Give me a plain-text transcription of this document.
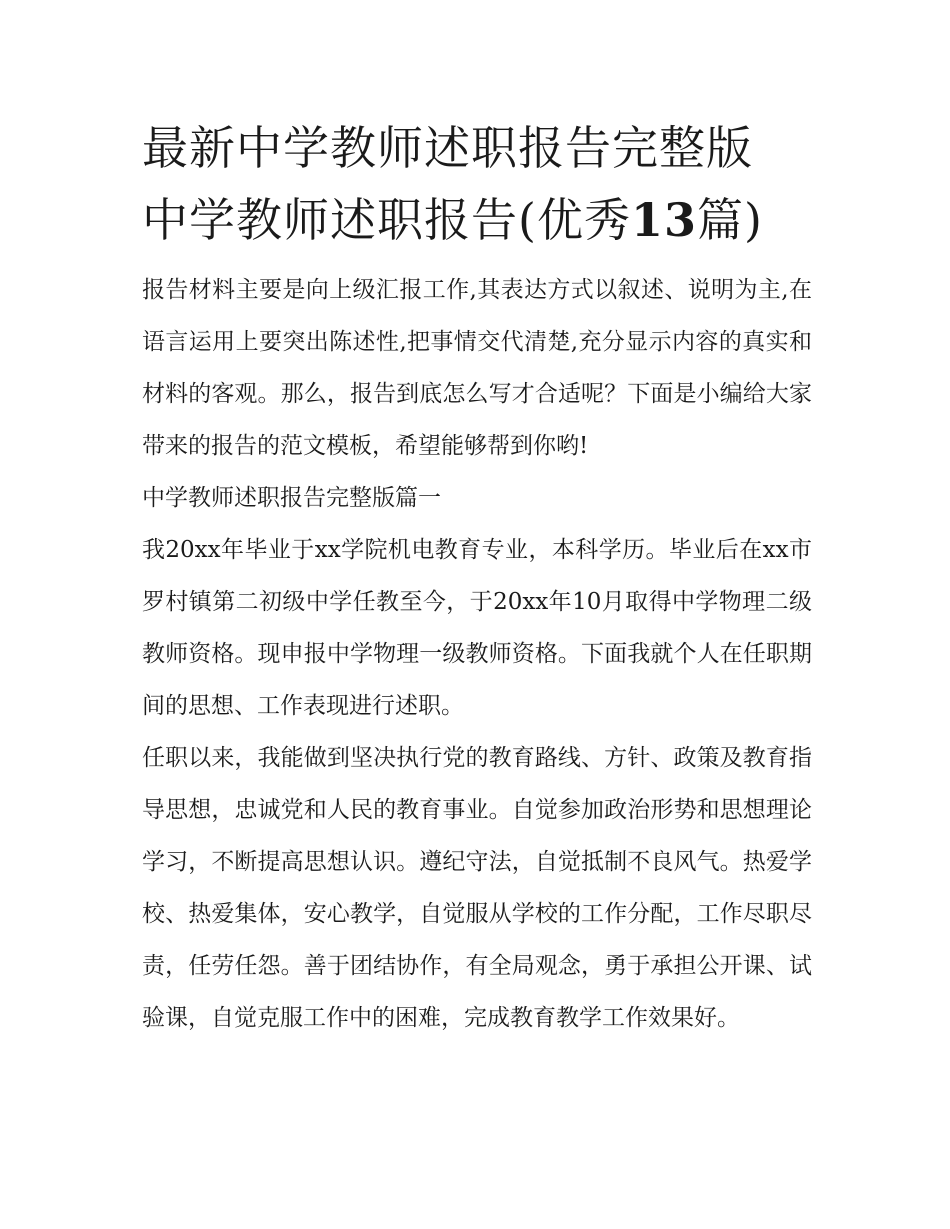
最新中学教师述职报告完整版
中学教师述职报告(优秀13篇)

报告材料主要是向上级汇报工作,其表达方式以叙述、说明为主,在语言运用上要突出陈述性,把事情交代清楚,充分显示内容的真实和材料的客观。那么，报告到底怎么写才合适呢？下面是小编给大家带来的报告的范文模板，希望能够帮到你哟!

中学教师述职报告完整版篇一

我20xx年毕业于xx学院机电教育专业，本科学历。毕业后在xx市罗村镇第二初级中学任教至今，于20xx年10月取得中学物理二级教师资格。现申报中学物理一级教师资格。下面我就个人在任职期间的思想、工作表现进行述职。

任职以来，我能做到坚决执行党的教育路线、方针、政策及教育指导思想，忠诚党和人民的教育事业。自觉参加政治形势和思想理论学习，不断提高思想认识。遵纪守法，自觉抵制不良风气。热爱学校、热爱集体，安心教学，自觉服从学校的工作分配，工作尽职尽责，任劳任怨。善于团结协作，有全局观念，勇于承担公开课、试验课，自觉克服工作中的困难，完成教育教学工作效果好。
